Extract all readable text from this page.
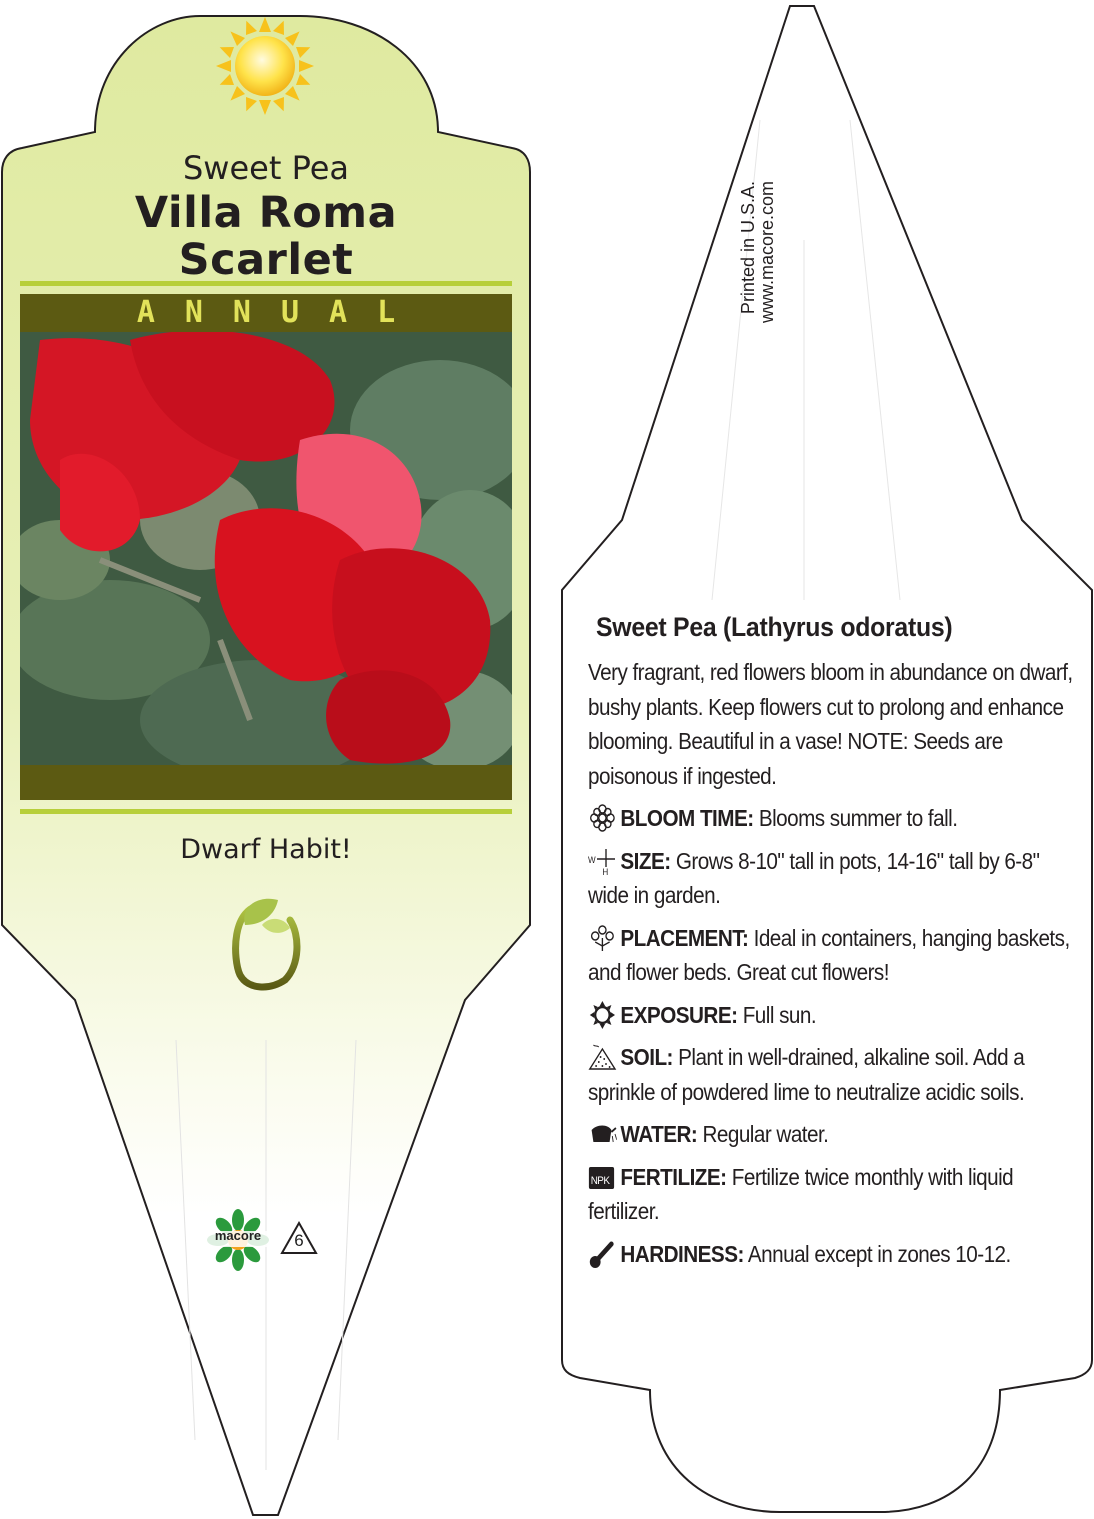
Sweet Pea
Villa Roma Scarlet
ANNUAL
Dwarf Habit!
macore	6
Printed in U.S.A. www.macore.com
Sweet Pea (Lathyrus odoratus)
Very fragrant, red flowers bloom in abundance on dwarf, bushy plants. Keep flowers cut to prolong and enhance blooming. Beautiful in a vase! NOTE: Seeds are poisonous if ingested.
BLOOM TIME: Blooms summer to fall.
W
H SIZE: Grows 8-10" tall in pots, 14-16" tall by 6-8" wide in garden.
PLACEMENT: Ideal in containers, hanging baskets, and flower beds. Great cut flowers!
EXPOSURE: Full sun.
SOIL: Plant in well-drained, alkaline soil. Add a sprinkle of powdered lime to neutralize acidic soils.
WATER: Regular water.
NPK FERTILIZE: Fertilize twice monthly with liquid fertilizer.
HARDINESS: Annual except in zones 10-12.
